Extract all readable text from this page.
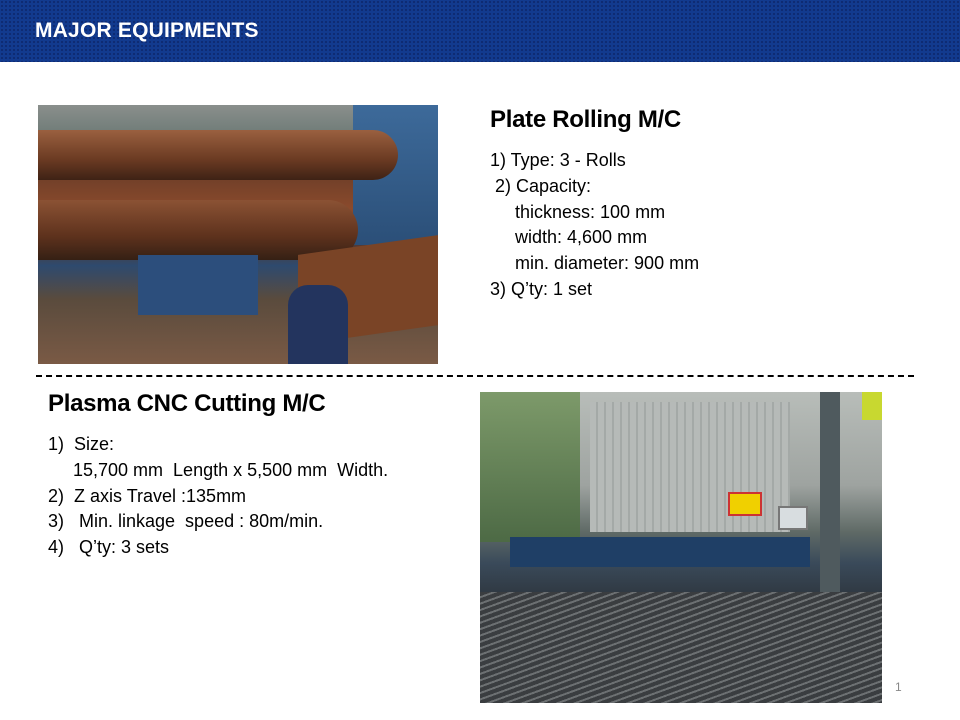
MAJOR EQUIPMENTS
Plate Rolling M/C
1) Type: 3 - Rolls
2) Capacity:
thickness: 100 mm
width: 4,600 mm
min. diameter: 900 mm
3) Q’ty: 1 set
Plasma CNC Cutting M/C
1)  Size:
15,700 mm  Length x 5,500 mm  Width.
2)  Z axis Travel :135mm
3)   Min. linkage  speed : 80m/min.
4)   Q’ty: 3 sets
1
